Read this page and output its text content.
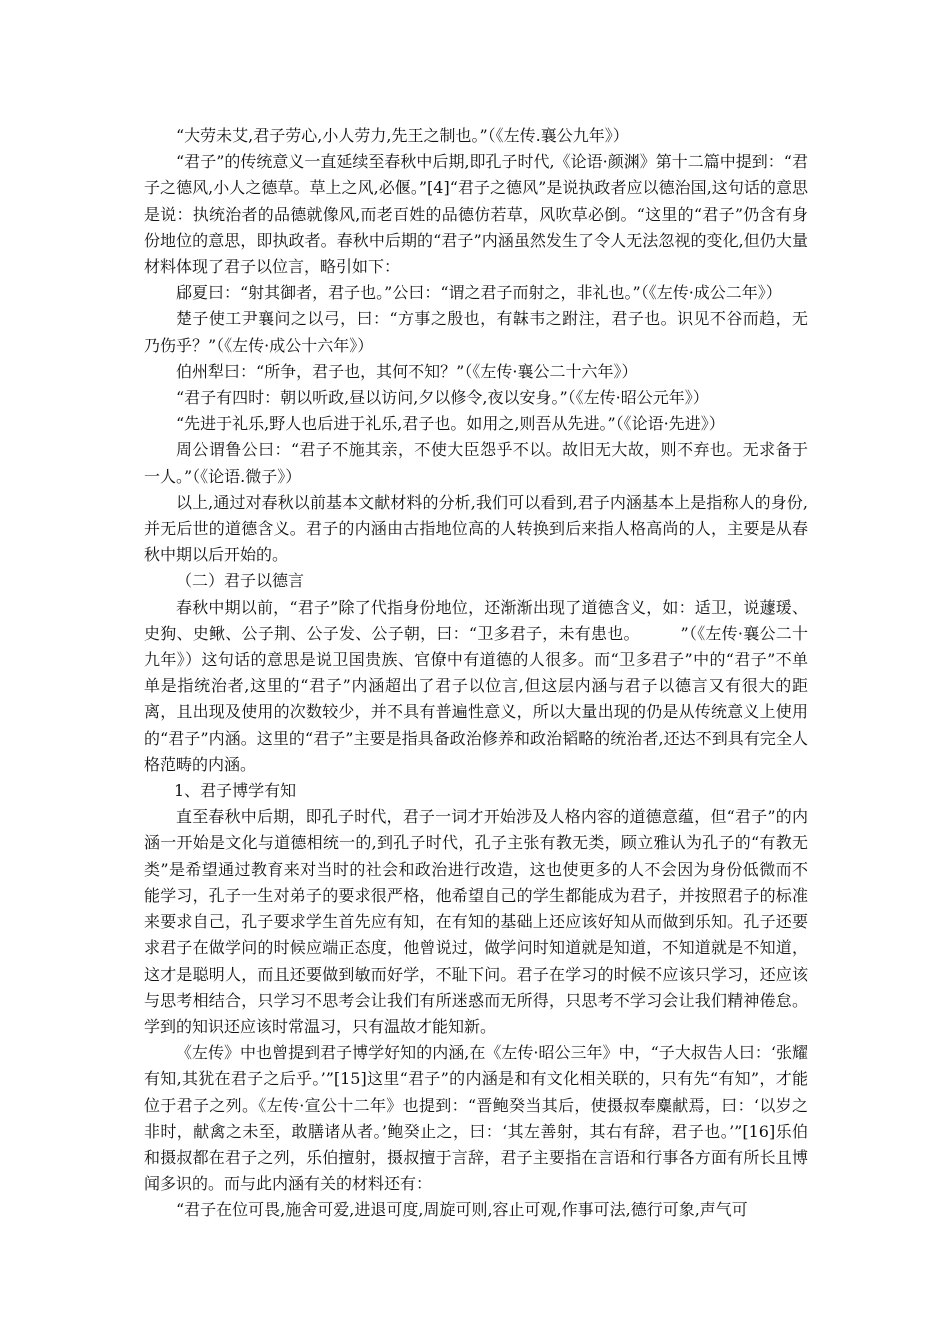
“大劳未艾,君子劳心,小人劳力,先王之制也。”（《左传.襄公九年》）

“君子”的传统意义一直延续至春秋中后期,即孔子时代,《论语·颜渊》第十二篇中提到：“君子之德风,小人之德草。草上之风,必偃。”[4]“君子之德风”是说执政者应以德治国,这句话的意思是说：执统治者的品德就像风,而老百姓的品德仿若草，风吹草必倒。“这里的“君子”仍含有身份地位的意思，即执政者。春秋中后期的“君子”内涵虽然发生了令人无法忽视的变化,但仍大量材料体现了君子以位言，略引如下：

郈夏曰：“射其御者，君子也。”公曰：“谓之君子而射之，非礼也。”（《左传·成公二年》）

楚子使工尹襄问之以弓，曰：“方事之殷也，有韎韦之跗注，君子也。识见不谷而趋，无乃伤乎？”（《左传·成公十六年》）

伯州犁曰：“所争，君子也，其何不知？”（《左传·襄公二十六年》）

“君子有四时：朝以听政,昼以访问,夕以修令,夜以安身。”（《左传·昭公元年》）

“先进于礼乐,野人也后进于礼乐,君子也。如用之,则吾从先进。”（《论语·先进》）

周公谓鲁公曰：“君子不施其亲，不使大臣怨乎不以。故旧无大故，则不弃也。无求备于一人。”（《论语.微子》）

以上,通过对春秋以前基本文献材料的分析,我们可以看到,君子内涵基本上是指称人的身份,并无后世的道德含义。君子的内涵由古指地位高的人转换到后来指人格高尚的人，主要是从春秋中期以后开始的。

（二）君子以德言

春秋中期以前，“君子”除了代指身份地位，还渐渐出现了道德含义，如：适卫，说蘧瑗、史狗、史鳅、公子荆、公子发、公子朝，曰：“卫多君子，未有患也。　　　”（《左传·襄公二十九年》）这句话的意思是说卫国贵族、官僚中有道德的人很多。而“卫多君子”中的“君子”不单单是指统治者,这里的“君子”内涵超出了君子以位言,但这层内涵与君子以德言又有很大的距离，且出现及使用的次数较少，并不具有普遍性意义，所以大量出现的仍是从传统意义上使用的“君子”内涵。这里的“君子”主要是指具备政治修养和政治韬略的统治者,还达不到具有完全人格范畴的内涵。

1、君子博学有知

直至春秋中后期，即孔子时代，君子一词才开始涉及人格内容的道德意蕴，但“君子”的内涵一开始是文化与道德相统一的,到孔子时代，孔子主张有教无类，顾立雅认为孔子的“有教无类”是希望通过教育来对当时的社会和政治进行改造，这也使更多的人不会因为身份低微而不能学习，孔子一生对弟子的要求很严格，他希望自己的学生都能成为君子，并按照君子的标准来要求自己，孔子要求学生首先应有知，在有知的基础上还应该好知从而做到乐知。孔子还要求君子在做学问的时候应端正态度，他曾说过，做学问时知道就是知道，不知道就是不知道，这才是聪明人，而且还要做到敏而好学，不耻下问。君子在学习的时候不应该只学习，还应该与思考相结合，只学习不思考会让我们有所迷惑而无所得，只思考不学习会让我们精神倦怠。学到的知识还应该时常温习，只有温故才能知新。

《左传》中也曾提到君子博学好知的内涵,在《左传·昭公三年》中，“子大叔告人曰：‘张耀有知,其犹在君子之后乎。’”[15]这里“君子”的内涵是和有文化相关联的，只有先“有知”，才能位于君子之列。《左传·宣公十二年》也提到：“晋鲍癸当其后，使摄叔奉麋献焉，曰：‘以岁之非时，献禽之未至，敢膳诸从者。’鲍癸止之，曰：‘其左善射，其右有辞，君子也。’”[16]乐伯和摄叔都在君子之列，乐伯擅射，摄叔擅于言辞，君子主要指在言语和行事各方面有所长且博闻多识的。而与此内涵有关的材料还有：

“君子在位可畏,施舍可爱,进退可度,周旋可则,容止可观,作事可法,德行可象,声气可
